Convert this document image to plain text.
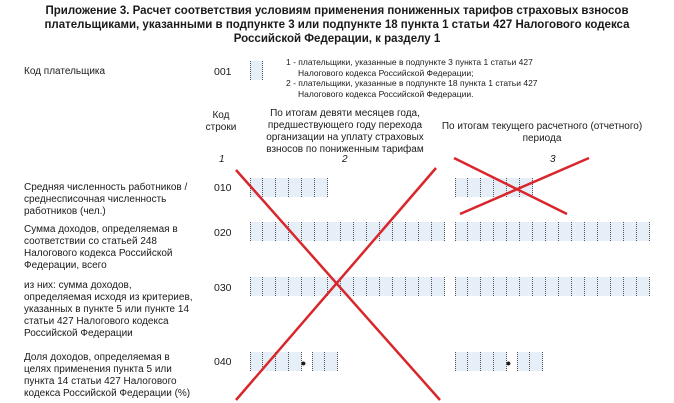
Приложение 3. Расчет соответствия условиям применения пониженных тарифов страховых взносов
плательщиками, указанными в подпункте 3 или подпункте 18 пункта 1 статьи 427 Налогового кодекса
Российской Федерации, к разделу 1
Код плательщика	001
1 - плательщики, указанные в подпункте 3 пункта 1 статьи 427
Налогового кодекса Российской Федерации;
2 - плательщики, указанные в подпункте 18 пункта 1 статьи 427
Налогового кодекса Российской Федерации.
Код строки
По итогам девяти месяцев года, предшествующего году перехода организации на уплату страховых взносов по пониженным тарифам
По итогам текущего расчетного (отчетного) периода
1	2	3
Средняя численность работников / среднесписочная численность работников (чел.)
010
Сумма доходов, определяемая в соответствии со статьей 248 Налогового кодекса Российской Федерации, всего
020
из них: сумма доходов, определяемая исходя из критериев, указанных в пункте 5 или пункте 14 статьи 427 Налогового кодекса Российской Федерации
030
Доля доходов, определяемая в целях применения пункта 5 или пункта 14 статьи 427 Налогового кодекса Российской Федерации (%)
040	•	•
